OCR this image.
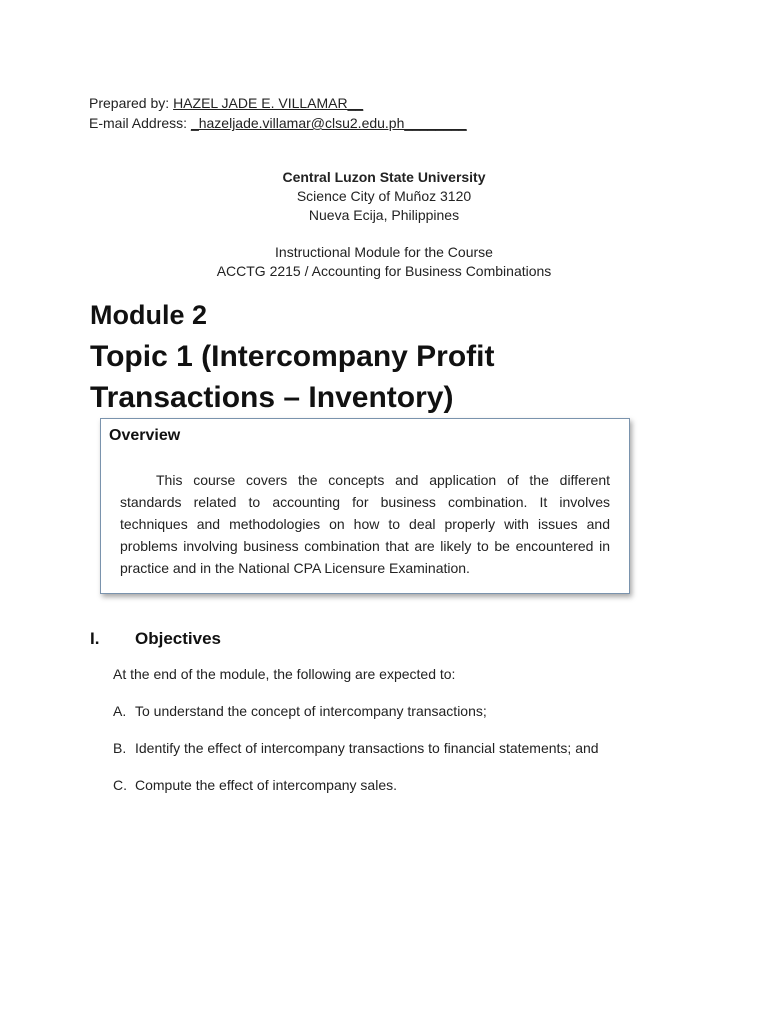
Prepared by: HAZEL JADE E. VILLAMAR__
E-mail Address: _hazeljade.villamar@clsu2.edu.ph________
Central Luzon State University
Science City of Muñoz 3120
Nueva Ecija, Philippines
Instructional Module for the Course
ACCTG 2215 / Accounting for Business Combinations
Module 2
Topic 1 (Intercompany Profit Transactions – Inventory)
Overview
This course covers the concepts and application of the different standards related to accounting for business combination. It involves techniques and methodologies on how to deal properly with issues and problems involving business combination that are likely to be encountered in practice and in the National CPA Licensure Examination.
I. Objectives
At the end of the module, the following are expected to:
A. To understand the concept of intercompany transactions;
B. Identify the effect of intercompany transactions to financial statements; and
C. Compute the effect of intercompany sales.
